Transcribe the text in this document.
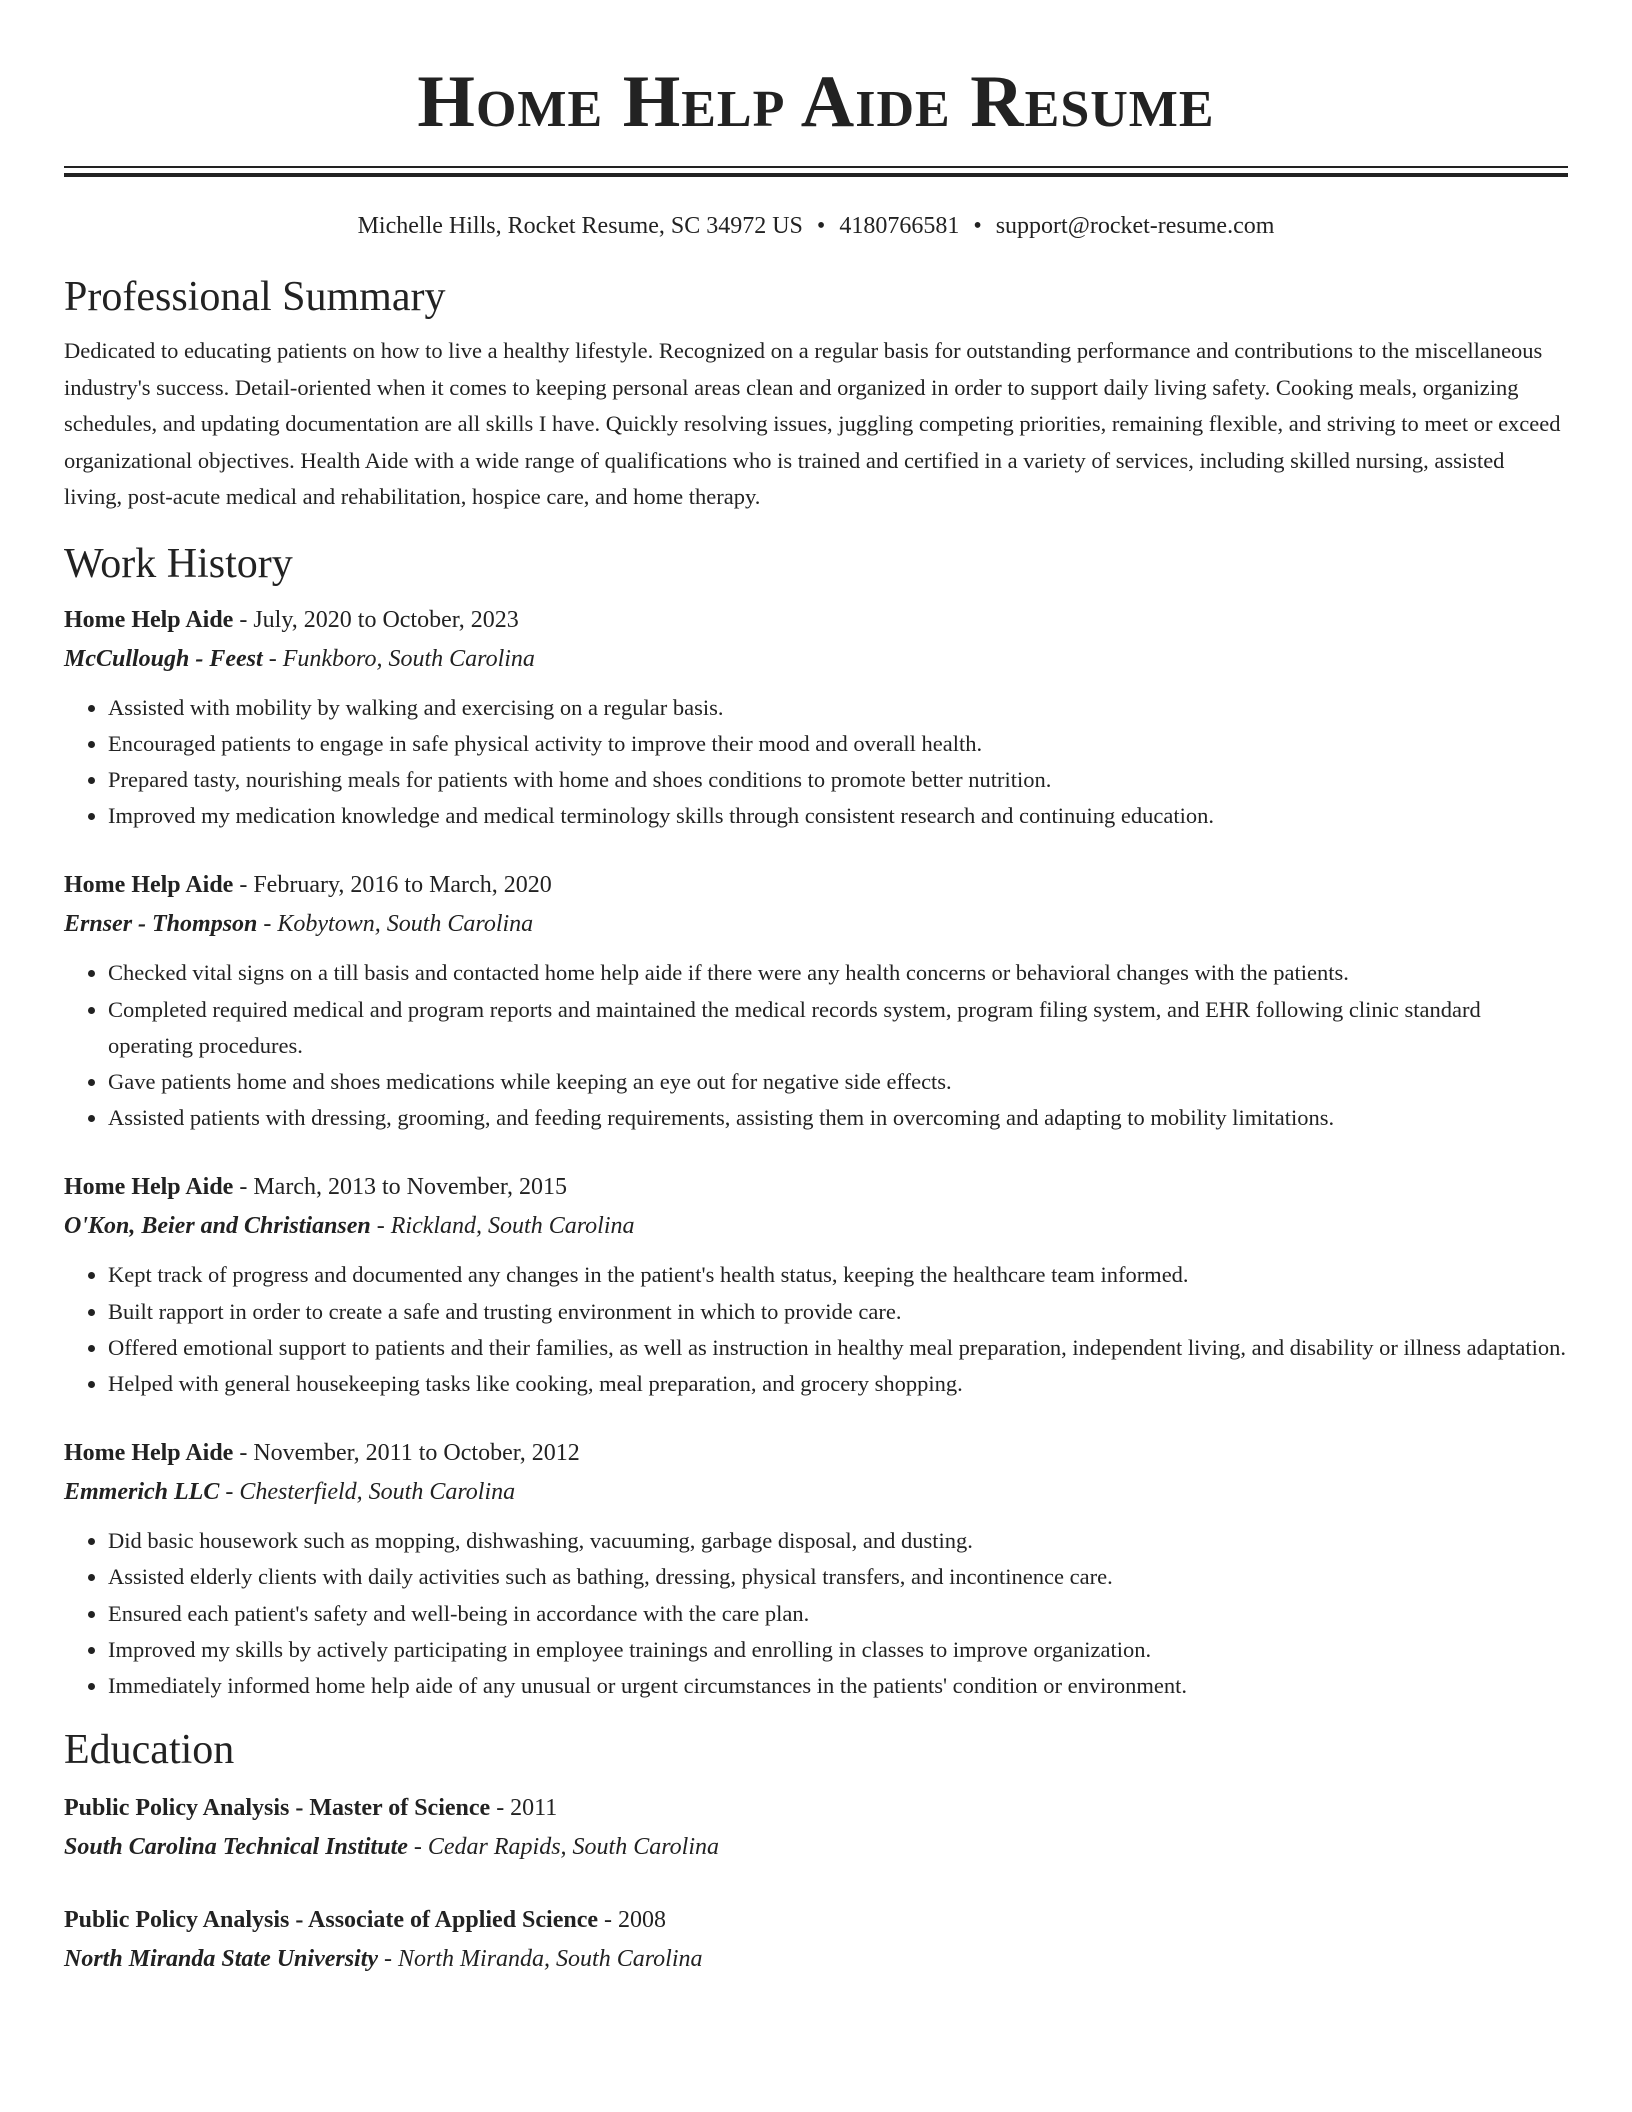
Home Help Aide Resume
Michelle Hills, Rocket Resume, SC 34972 US • 4180766581 • support@rocket-resume.com
Professional Summary
Dedicated to educating patients on how to live a healthy lifestyle. Recognized on a regular basis for outstanding performance and contributions to the miscellaneous industry's success. Detail-oriented when it comes to keeping personal areas clean and organized in order to support daily living safety. Cooking meals, organizing schedules, and updating documentation are all skills I have. Quickly resolving issues, juggling competing priorities, remaining flexible, and striving to meet or exceed organizational objectives. Health Aide with a wide range of qualifications who is trained and certified in a variety of services, including skilled nursing, assisted living, post-acute medical and rehabilitation, hospice care, and home therapy.
Work History
Home Help Aide - July, 2020 to October, 2023
McCullough - Feest - Funkboro, South Carolina
• Assisted with mobility by walking and exercising on a regular basis.
• Encouraged patients to engage in safe physical activity to improve their mood and overall health.
• Prepared tasty, nourishing meals for patients with home and shoes conditions to promote better nutrition.
• Improved my medication knowledge and medical terminology skills through consistent research and continuing education.
Home Help Aide - February, 2016 to March, 2020
Ernser - Thompson - Kobytown, South Carolina
• Checked vital signs on a till basis and contacted home help aide if there were any health concerns or behavioral changes with the patients.
• Completed required medical and program reports and maintained the medical records system, program filing system, and EHR following clinic standard operating procedures.
• Gave patients home and shoes medications while keeping an eye out for negative side effects.
• Assisted patients with dressing, grooming, and feeding requirements, assisting them in overcoming and adapting to mobility limitations.
Home Help Aide - March, 2013 to November, 2015
O'Kon, Beier and Christiansen - Rickland, South Carolina
• Kept track of progress and documented any changes in the patient's health status, keeping the healthcare team informed.
• Built rapport in order to create a safe and trusting environment in which to provide care.
• Offered emotional support to patients and their families, as well as instruction in healthy meal preparation, independent living, and disability or illness adaptation.
• Helped with general housekeeping tasks like cooking, meal preparation, and grocery shopping.
Home Help Aide - November, 2011 to October, 2012
Emmerich LLC - Chesterfield, South Carolina
• Did basic housework such as mopping, dishwashing, vacuuming, garbage disposal, and dusting.
• Assisted elderly clients with daily activities such as bathing, dressing, physical transfers, and incontinence care.
• Ensured each patient's safety and well-being in accordance with the care plan.
• Improved my skills by actively participating in employee trainings and enrolling in classes to improve organization.
• Immediately informed home help aide of any unusual or urgent circumstances in the patients' condition or environment.
Education
Public Policy Analysis - Master of Science - 2011
South Carolina Technical Institute - Cedar Rapids, South Carolina
Public Policy Analysis - Associate of Applied Science - 2008
North Miranda State University - North Miranda, South Carolina
